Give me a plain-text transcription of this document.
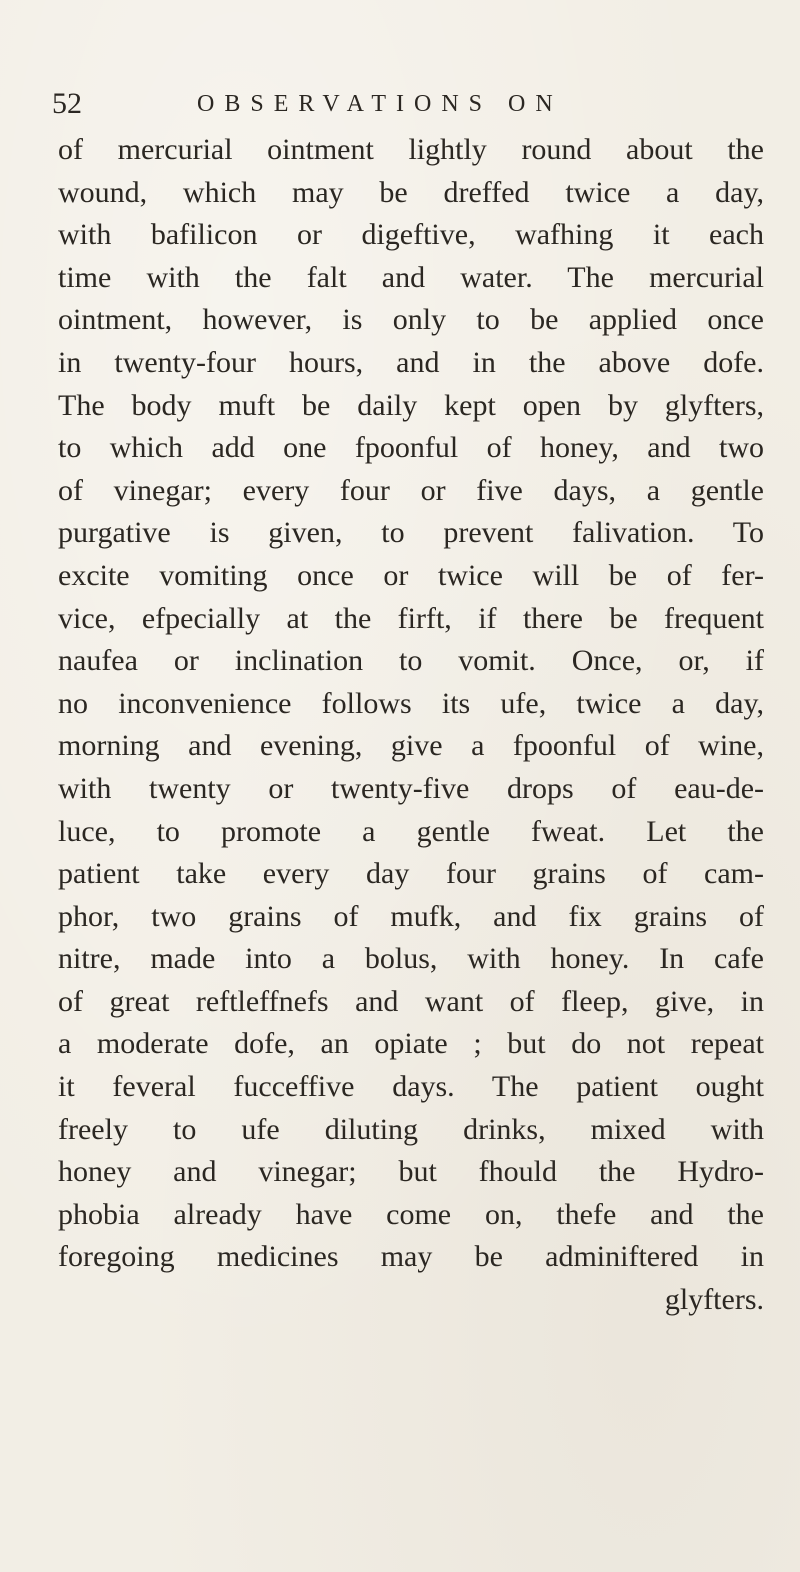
52	OBSERVATIONS ON
of mercurial ointment lightly round about the
wound, which may be dreffed twice a day,
with bafilicon or digeftive, wafhing it each
time with the falt and water. The mercurial
ointment, however, is only to be applied once
in twenty-four hours, and in the above dofe.
The body muft be daily kept open by glyfters,
to which add one fpoonful of honey, and two
of vinegar; every four or five days, a gentle
purgative is given, to prevent falivation. To
excite vomiting once or twice will be of fer-
vice, efpecially at the firft, if there be frequent
naufea or inclination to vomit. Once, or, if
no inconvenience follows its ufe, twice a day,
morning and evening, give a fpoonful of wine,
with twenty or twenty-five drops of eau-de-
luce, to promote a gentle fweat. Let the
patient take every day four grains of cam-
phor, two grains of mufk, and fix grains of
nitre, made into a bolus, with honey. In cafe
of great reftleffnefs and want of fleep, give, in
a moderate dofe, an opiate ; but do not repeat
it feveral fucceffive days. The patient ought
freely to ufe diluting drinks, mixed with
honey and vinegar; but fhould the Hydro-
phobia already have come on, thefe and the
foregoing medicines may be adminiftered in
glyfters.
